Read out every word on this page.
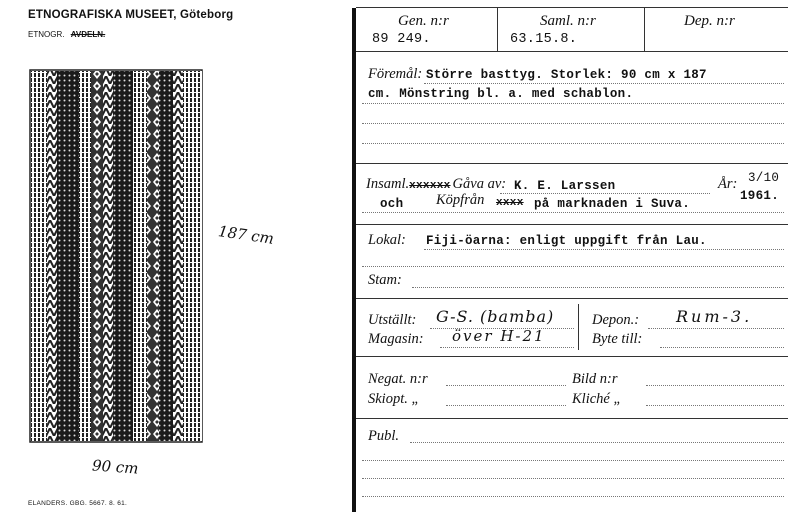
ETNOGRAFISKA MUSEET, Göteborg
ETNOGR. AVDELN.
187 cm
90 cm
ELANDERS. GBG. 5667. 8. 61.
Gen. n:r
89 249.
Saml. n:r
63.15.8.
Dep. n:r
Föremål: Större basttyg. Storlek: 90 cm x 187
cm. Mönstring bl. a. med schablon.
Insaml.xxxxxx Gåva av: K. E. Larssen
och Köpfrån xxxx på marknaden i Suva.
År: 3/10
1961.
Lokal: Fiji-öarna: enligt uppgift från Lau.
Stam:
Utställt: G-S. (bamba)
Magasin: över H-21
Depon.: Rum-3.
Byte till:
Negat. n:r	Bild n:r
Skiopt. „	Kliché „
Publ.
